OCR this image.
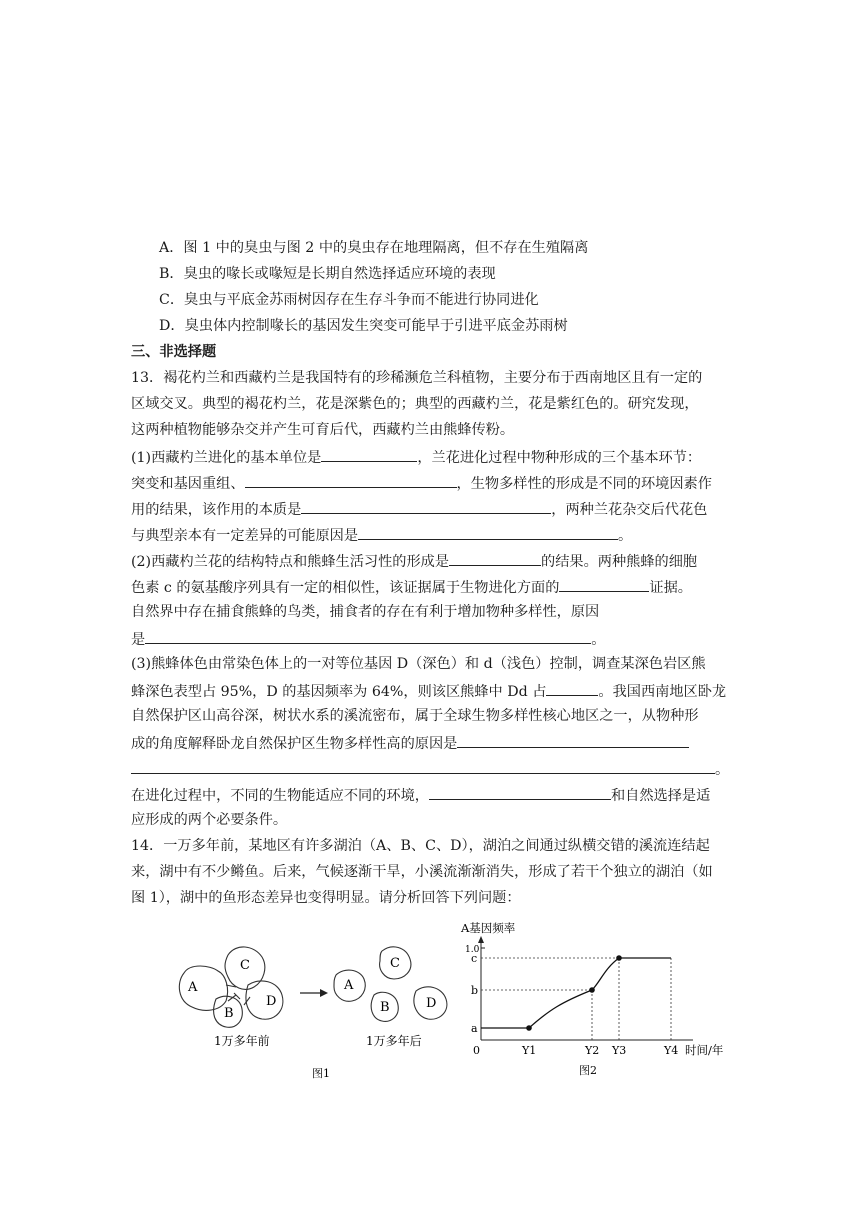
A．图 1 中的臭虫与图 2 中的臭虫存在地理隔离，但不存在生殖隔离
B．臭虫的喙长或喙短是长期自然选择适应环境的表现
C．臭虫与平底金苏雨树因存在生存斗争而不能进行协同进化
D．臭虫体内控制喙长的基因发生突变可能早于引进平底金苏雨树
三、非选择题
13．褐花杓兰和西藏杓兰是我国特有的珍稀濒危兰科植物，主要分布于西南地区且有一定的
区域交叉。典型的褐花杓兰，花是深紫色的；典型的西藏杓兰，花是紫红色的。研究发现，
这两种植物能够杂交并产生可育后代，西藏杓兰由熊蜂传粉。
(1)西藏杓兰进化的基本单位是	，兰花进化过程中物种形成的三个基本环节：
突变和基因重组、	，生物多样性的形成是不同的环境因素作
用的结果，该作用的本质是	，两种兰花杂交后代花色
与典型亲本有一定差异的可能原因是	。
(2)西藏杓兰花的结构特点和熊蜂生活习性的形成是	的结果。两种熊蜂的细胞
色素 c 的氨基酸序列具有一定的相似性，该证据属于生物进化方面的	证据。
自然界中存在捕食熊蜂的鸟类，捕食者的存在有利于增加物种多样性，原因
是	。
(3)熊蜂体色由常染色体上的一对等位基因 D（深色）和 d（浅色）控制，调查某深色岩区熊
蜂深色表型占 95%，D 的基因频率为 64%，则该区熊蜂中 Dd 占	。我国西南地区卧龙
自然保护区山高谷深，树状水系的溪流密布，属于全球生物多样性核心地区之一，从物种形
成的角度解释卧龙自然保护区生物多样性高的原因是
。
在进化过程中，不同的生物能适应不同的环境，	和自然选择是适
应形成的两个必要条件。
14．一万多年前，某地区有许多湖泊（A、B、C、D），湖泊之间通过纵横交错的溪流连结起
来，湖中有不少鳉鱼。后来，气候逐渐干旱，小溪流渐渐消失，形成了若干个独立的湖泊（如
图 1），湖中的鱼形态差异也变得明显。请分析回答下列问题：
A
C
B
D
A
C
B	D
1万多年前	1万多年后
图1
A基因频率
0	Y1	Y2 Y3	Y4
a
b
c
1.0
时间/年
图2
